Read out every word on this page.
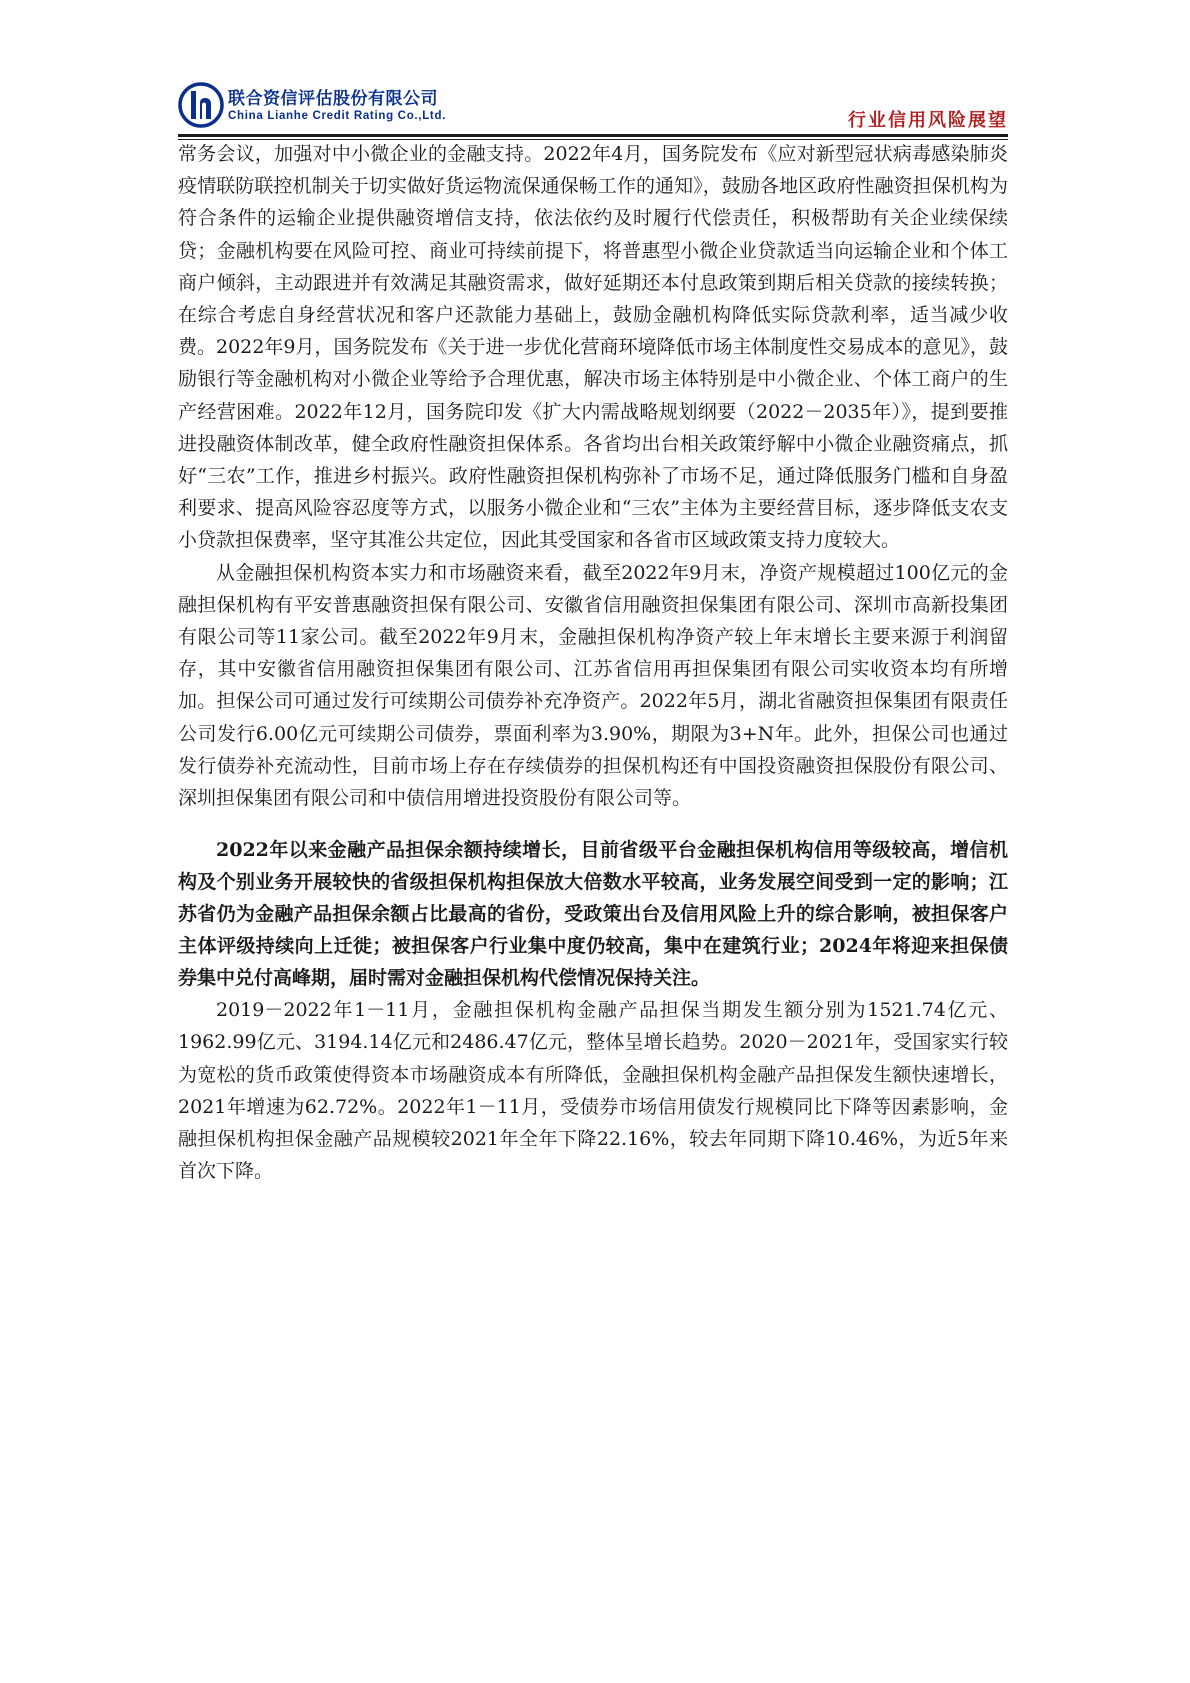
联合资信评估股份有限公司
China Lianhe Credit Rating Co.,Ltd.	行业信用风险展望

常务会议，加强对中小微企业的金融支持。2022年4月，国务院发布《应对新型冠状病毒感染肺炎疫情联防联控机制关于切实做好货运物流保通保畅工作的通知》，鼓励各地区政府性融资担保机构为符合条件的运输企业提供融资增信支持，依法依约及时履行代偿责任，积极帮助有关企业续保续贷；金融机构要在风险可控、商业可持续前提下，将普惠型小微企业贷款适当向运输企业和个体工商户倾斜，主动跟进并有效满足其融资需求，做好延期还本付息政策到期后相关贷款的接续转换；在综合考虑自身经营状况和客户还款能力基础上，鼓励金融机构降低实际贷款利率，适当减少收费。2022年9月，国务院发布《关于进一步优化营商环境降低市场主体制度性交易成本的意见》，鼓励银行等金融机构对小微企业等给予合理优惠，解决市场主体特别是中小微企业、个体工商户的生产经营困难。2022年12月，国务院印发《扩大内需战略规划纲要（2022－2035年）》，提到要推进投融资体制改革，健全政府性融资担保体系。各省均出台相关政策纾解中小微企业融资痛点，抓好“三农”工作，推进乡村振兴。政府性融资担保机构弥补了市场不足，通过降低服务门槛和自身盈利要求、提高风险容忍度等方式，以服务小微企业和“三农”主体为主要经营目标，逐步降低支农支小贷款担保费率，坚守其准公共定位，因此其受国家和各省市区域政策支持力度较大。

从金融担保机构资本实力和市场融资来看，截至2022年9月末，净资产规模超过100亿元的金融担保机构有平安普惠融资担保有限公司、安徽省信用融资担保集团有限公司、深圳市高新投集团有限公司等11家公司。截至2022年9月末，金融担保机构净资产较上年末增长主要来源于利润留存，其中安徽省信用融资担保集团有限公司、江苏省信用再担保集团有限公司实收资本均有所增加。担保公司可通过发行可续期公司债券补充净资产。2022年5月，湖北省融资担保集团有限责任公司发行6.00亿元可续期公司债券，票面利率为3.90%，期限为3+N年。此外，担保公司也通过发行债券补充流动性，目前市场上存在存续债券的担保机构还有中国投资融资担保股份有限公司、深圳担保集团有限公司和中债信用增进投资股份有限公司等。

2022年以来金融产品担保余额持续增长，目前省级平台金融担保机构信用等级较高，增信机构及个别业务开展较快的省级担保机构担保放大倍数水平较高，业务发展空间受到一定的影响；江苏省仍为金融产品担保余额占比最高的省份，受政策出台及信用风险上升的综合影响，被担保客户主体评级持续向上迁徙；被担保客户行业集中度仍较高，集中在建筑行业；2024年将迎来担保债券集中兑付高峰期，届时需对金融担保机构代偿情况保持关注。

2019－2022年1－11月，金融担保机构金融产品担保当期发生额分别为1521.74亿元、1962.99亿元、3194.14亿元和2486.47亿元，整体呈增长趋势。2020－2021年，受国家实行较为宽松的货币政策使得资本市场融资成本有所降低，金融担保机构金融产品担保发生额快速增长，2021年增速为62.72%。2022年1－11月，受债券市场信用债发行规模同比下降等因素影响，金融担保机构担保金融产品规模较2021年全年下降22.16%，较去年同期下降10.46%，为近5年来首次下降。
